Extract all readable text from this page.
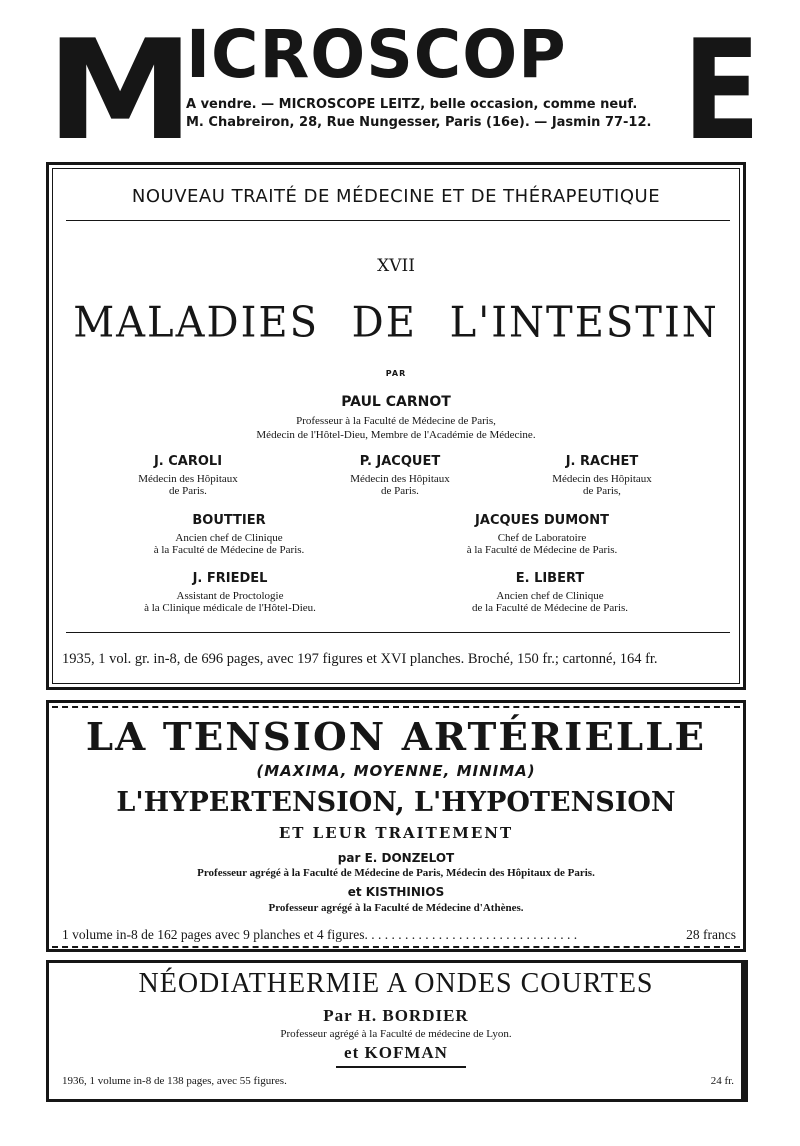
M
ICROSCOP E
A vendre. — MICROSCOPE LEITZ, belle occasion, comme neuf.
M. Chabreiron, 28, Rue Nungesser, Paris (16e). — Jasmin 77-12.
NOUVEAU TRAITÉ DE MÉDECINE ET DE THÉRAPEUTIQUE
XVII
MALADIES DE L'INTESTIN
PAR
PAUL CARNOT
Professeur à la Faculté de Médecine de Paris,
Médecin de l'Hôtel-Dieu, Membre de l'Académie de Médecine.
J. CAROLI
Médecin des Hôpitaux
de Paris.
P. JACQUET
Médecin des Hôpitaux
de Paris.
J. RACHET
Médecin des Hôpitaux
de Paris,
BOUTTIER
Ancien chef de Clinique
à la Faculté de Médecine de Paris.
JACQUES DUMONT
Chef de Laboratoire
à la Faculté de Médecine de Paris.
J. FRIEDEL
Assistant de Proctologie
à la Clinique médicale de l'Hôtel-Dieu.
E. LIBERT
Ancien chef de Clinique
de la Faculté de Médecine de Paris.
1935, 1 vol. gr. in-8, de 696 pages, avec 197 figures et XVI planches. Broché, 150 fr.; cartonné, 164 fr.
LA TENSION ARTÉRIELLE
(MAXIMA, MOYENNE, MINIMA)
L'HYPERTENSION, L'HYPOTENSION
ET LEUR TRAITEMENT
par E. DONZELOT
Professeur agrégé à la Faculté de Médecine de Paris, Médecin des Hôpitaux de Paris.
et KISTHINIOS
Professeur agrégé à la Faculté de Médecine d'Athènes.
1 volume in-8 de 162 pages avec 9 planches et 4 figures. . . . . . . . . . . . . . . . . . . . . . . . . . . . . . . .	28 francs
NÉODIATHERMIE A ONDES COURTES
Par H. BORDIER
Professeur agrégé à la Faculté de médecine de Lyon.
et KOFMAN
1936, 1 volume in-8 de 138 pages, avec 55 figures.	24 fr.
